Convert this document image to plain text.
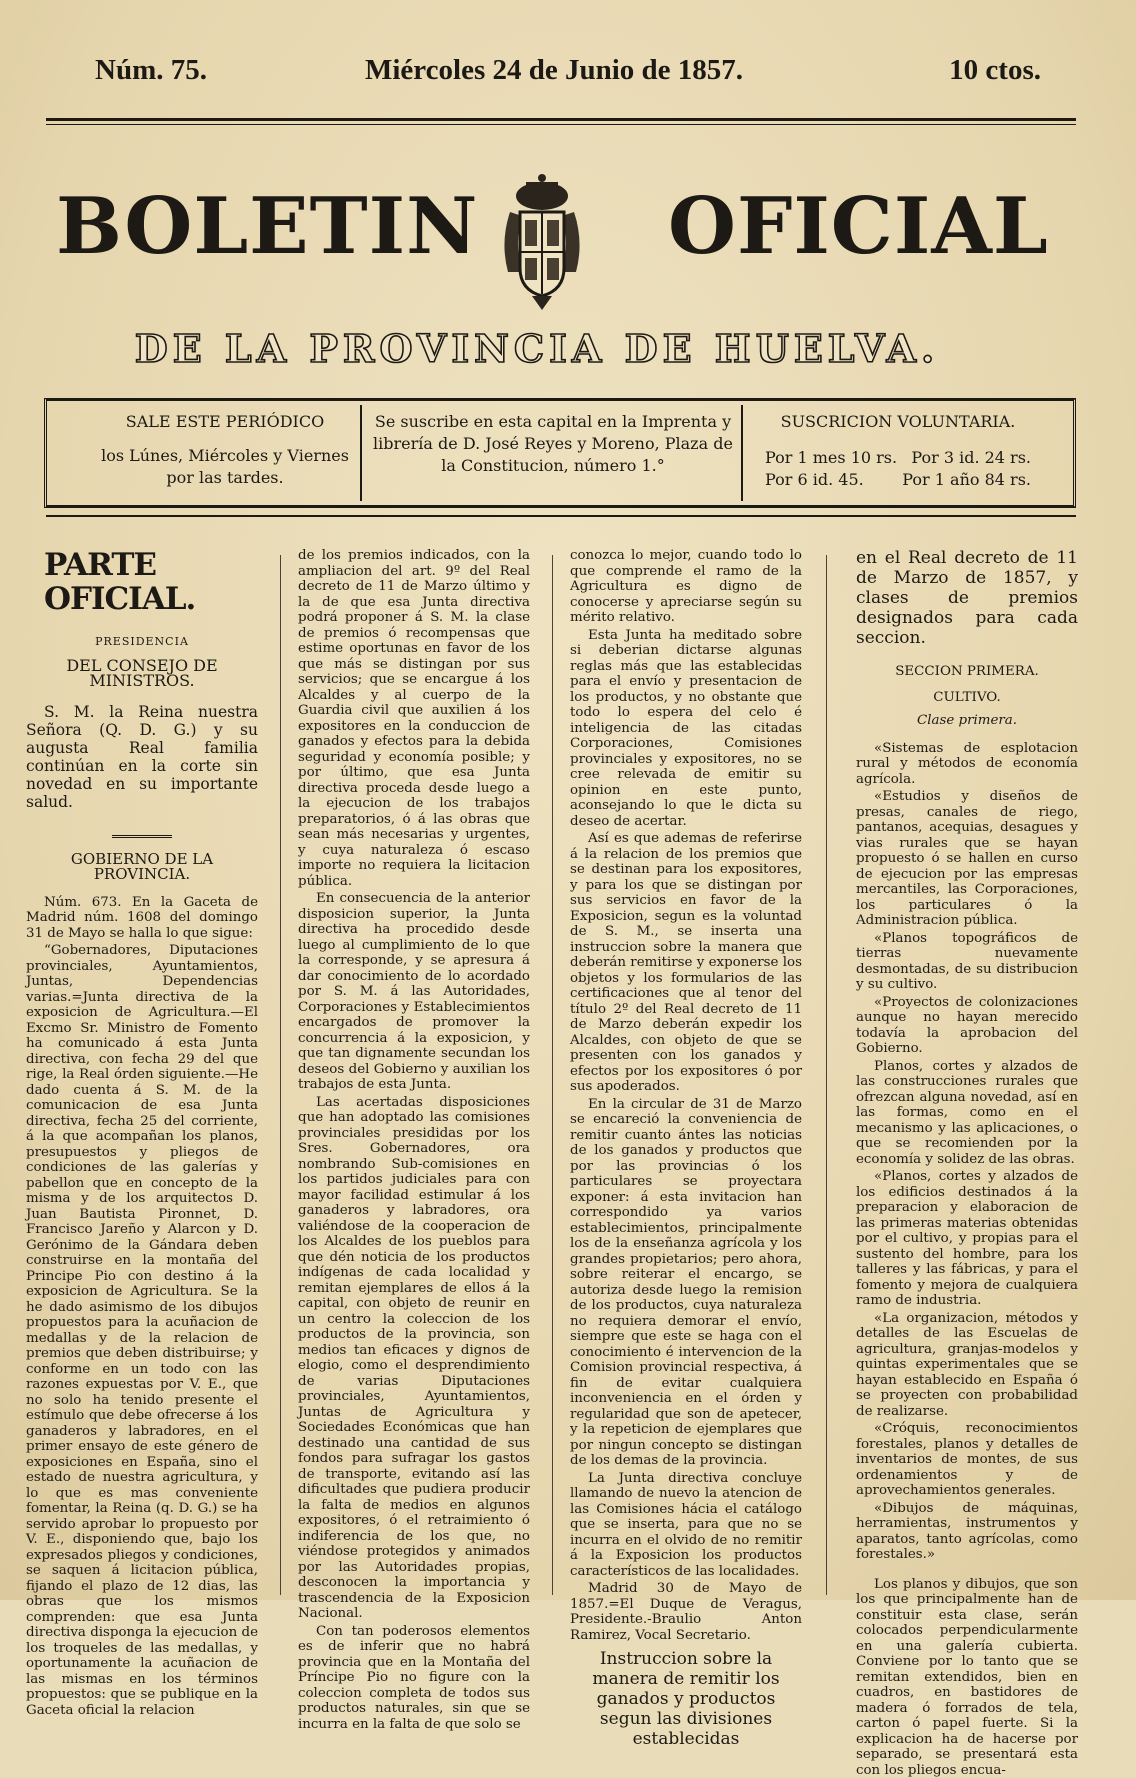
Núm. 75.	Miércoles 24 de Junio de 1857.	10 ctos.
BOLETIN OFICIAL
DE LA PROVINCIA DE HUELVA.
SALE ESTE PERIÓDICO
los Lúnes, Miércoles y Viernes por las tardes.
Se suscribe en esta capital en la Imprenta y librería de D. José Reyes y Moreno, Plaza de la Constitucion, número 1.°
SUSCRICION VOLUNTARIA.
Por 1 mes 10 rs. Por 3 id. 24 rs.
Por 6 id. 45. Por 1 año 84 rs.

PARTE OFICIAL.

PRESIDENCIA

DEL CONSEJO DE MINISTROS.

S. M. la Reina nuestra Señora (Q. D. G.) y su augusta Real familia continúan en la corte sin novedad en su importante salud.

GOBIERNO DE LA PROVINCIA.

Núm. 673. En la Gaceta de Madrid núm. 1608 del domingo 31 de Mayo se halla lo que sigue:

“Gobernadores, Diputaciones provinciales, Ayuntamientos, Juntas, Dependencias varias.=Junta directiva de la exposicion de Agricultura.—El Excmo Sr. Ministro de Fomento ha comunicado á esta Junta directiva, con fecha 29 del que rige, la Real órden siguiente.—He dado cuenta á S. M. de la comunicacion de esa Junta directiva, fecha 25 del corriente, á la que acompañan los planos, presupuestos y pliegos de condiciones de las galerías y pabellon que en concepto de la misma y de los arquitectos D. Juan Bautista Pironnet, D. Francisco Jareño y Alarcon y D. Gerónimo de la Gándara deben construirse en la montaña del Principe Pio con destino á la exposicion de Agricultura. Se la he dado asimismo de los dibujos propuestos para la acuñacion de medallas y de la relacion de premios que deben distribuirse; y conforme en un todo con las razones expuestas por V. E., que no solo ha tenido presente el estímulo que debe ofrecerse á los ganaderos y labradores, en el primer ensayo de este género de exposiciones en España, sino el estado de nuestra agricultura, y lo que es mas conveniente fomentar, la Reina (q. D. G.) se ha servido aprobar lo propuesto por V. E., disponiendo que, bajo los expresados pliegos y condiciones, se saquen á licitacion pública, fijando el plazo de 12 dias, las obras que los mismos comprenden: que esa Junta directiva disponga la ejecucion de los troqueles de las medallas, y oportunamente la acuñacion de las mismas en los términos propuestos: que se publique en la Gaceta oficial la relacion

de los premios indicados, con la ampliacion del art. 9º del Real decreto de 11 de Marzo último y la de que esa Junta directiva podrá proponer á S. M. la clase de premios ó recompensas que estime oportunas en favor de los que más se distingan por sus servicios; que se encargue á los Alcaldes y al cuerpo de la Guardia civil que auxilien á los expositores en la conduccion de ganados y efectos para la debida seguridad y economía posible; y por último, que esa Junta directiva proceda desde luego a la ejecucion de los trabajos preparatorios, ó á las obras que sean más necesarias y urgentes, y cuya naturaleza ó escaso importe no requiera la licitacion pública.

En consecuencia de la anterior disposicion superior, la Junta directiva ha procedido desde luego al cumplimiento de lo que la corresponde, y se apresura á dar conocimiento de lo acordado por S. M. á las Autoridades, Corporaciones y Establecimientos encargados de promover la concurrencia á la exposicion, y que tan dignamente secundan los deseos del Gobierno y auxilian los trabajos de esta Junta.

Las acertadas disposiciones que han adoptado las comisiones provinciales presididas por los Sres. Gobernadores, ora nombrando Sub-comisiones en los partidos judiciales para con mayor facilidad estimular á los ganaderos y labradores, ora valiéndose de la cooperacion de los Alcaldes de los pueblos para que dén noticia de los productos indígenas de cada localidad y remitan ejemplares de ellos á la capital, con objeto de reunir en un centro la coleccion de los productos de la provincia, son medios tan eficaces y dignos de elogio, como el desprendimiento de varias Diputaciones provinciales, Ayuntamientos, Juntas de Agricultura y Sociedades Económicas que han destinado una cantidad de sus fondos para sufragar los gastos de transporte, evitando así las dificultades que pudiera producir la falta de medios en algunos expositores, ó el retraimiento ó indiferencia de los que, no viéndose protegidos y animados por las Autoridades propias, desconocen la importancia y trascendencia de la Exposicion Nacional.

Con tan poderosos elementos es de inferir que no habrá provincia que en la Montaña del Príncipe Pio no figure con la coleccion completa de todos sus productos naturales, sin que se incurra en la falta de que solo se

conozca lo mejor, cuando todo lo que comprende el ramo de la Agricultura es digno de conocerse y apreciarse según su mérito relativo.

Esta Junta ha meditado sobre si deberian dictarse algunas reglas más que las establecidas para el envío y presentacion de los productos, y no obstante que todo lo espera del celo é inteligencia de las citadas Corporaciones, Comisiones provinciales y expositores, no se cree relevada de emitir su opinion en este punto, aconsejando lo que le dicta su deseo de acertar.

Así es que ademas de referirse á la relacion de los premios que se destinan para los expositores, y para los que se distingan por sus servicios en favor de la Exposicion, segun es la voluntad de S. M., se inserta una instruccion sobre la manera que deberán remitirse y exponerse los objetos y los formularios de las certificaciones que al tenor del título 2º del Real decreto de 11 de Marzo deberán expedir los Alcaldes, con objeto de que se presenten con los ganados y efectos por los expositores ó por sus apoderados.

En la circular de 31 de Marzo se encareció la conveniencia de remitir cuanto ántes las noticias de los ganados y productos que por las provincias ó los particulares se proyectara exponer: á esta invitacion han correspondido ya varios establecimientos, principalmente los de la enseñanza agrícola y los grandes propietarios; pero ahora, sobre reiterar el encargo, se autoriza desde luego la remision de los productos, cuya naturaleza no requiera demorar el envío, siempre que este se haga con el conocimiento é intervencion de la Comision provincial respectiva, á fin de evitar cualquiera inconveniencia en el órden y regularidad que son de apetecer, y la repeticion de ejemplares que por ningun concepto se distingan de los demas de la provincia.

La Junta directiva concluye llamando de nuevo la atencion de las Comisiones hácia el catálogo que se inserta, para que no se incurra en el olvido de no remitir á la Exposicion los productos característicos de las localidades.

Madrid 30 de Mayo de 1857.=El Duque de Veragus, Presidente.-Braulio Anton Ramirez, Vocal Secretario.

Instruccion sobre la manera de remitir los ganados y productos segun las divisiones establecidas

en el Real decreto de 11 de Marzo de 1857, y clases de premios designados para cada seccion.

SECCION PRIMERA.

CULTIVO.

Clase primera.

«Sistemas de esplotacion rural y métodos de economía agrícola.

«Estudios y diseños de presas, canales de riego, pantanos, acequias, desagues y vias rurales que se hayan propuesto ó se hallen en curso de ejecucion por las empresas mercantiles, las Corporaciones, los particulares ó la Administracion pública.

«Planos topográficos de tierras nuevamente desmontadas, de su distribucion y su cultivo.

«Proyectos de colonizaciones aunque no hayan merecido todavía la aprobacion del Gobierno.

Planos, cortes y alzados de las construcciones rurales que ofrezcan alguna novedad, así en las formas, como en el mecanismo y las aplicaciones, o que se recomienden por la economía y solidez de las obras.

«Planos, cortes y alzados de los edificios destinados á la preparacion y elaboracion de las primeras materias obtenidas por el cultivo, y propias para el sustento del hombre, para los talleres y las fábricas, y para el fomento y mejora de cualquiera ramo de industria.

«La organizacion, métodos y detalles de las Escuelas de agricultura, granjas-modelos y quintas experimentales que se hayan establecido en España ó se proyecten con probabilidad de realizarse.

«Cróquis, reconocimientos forestales, planos y detalles de inventarios de montes, de sus ordenamientos y de aprovechamientos generales.

«Dibujos de máquinas, herramientas, instrumentos y aparatos, tanto agrícolas, como forestales.»

Los planos y dibujos, que son los que principalmente han de constituir esta clase, serán colocados perpendicularmente en una galería cubierta. Conviene por lo tanto que se remitan extendidos, bien en cuadros, en bastidores de madera ó forrados de tela, carton ó papel fuerte. Si la explicacion ha de hacerse por separado, se presentará esta con los pliegos encua-
